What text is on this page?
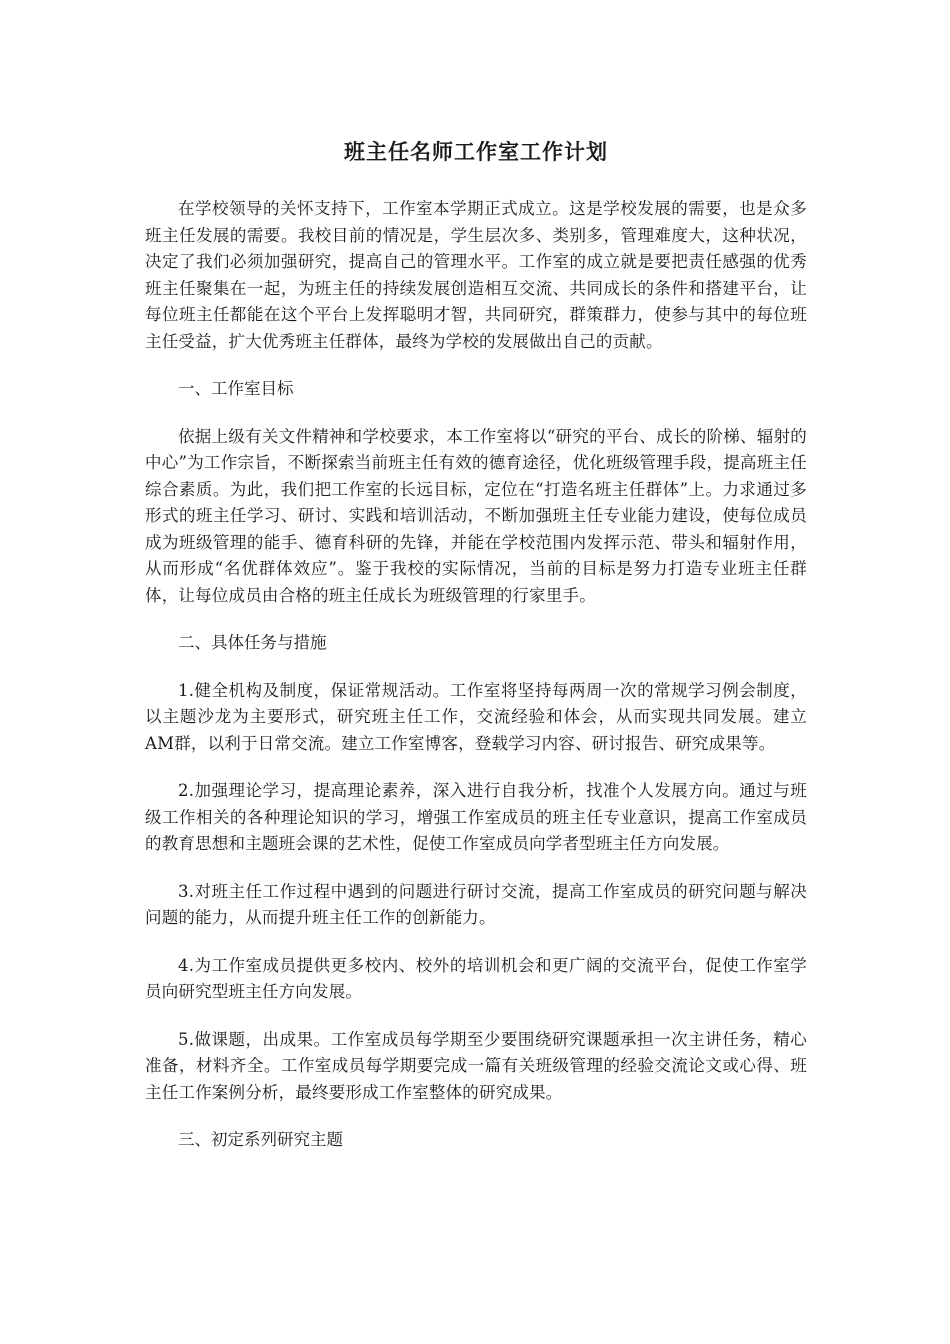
班主任名师工作室工作计划

在学校领导的关怀支持下，工作室本学期正式成立。这是学校发展的需要，也是众多班主任发展的需要。我校目前的情况是，学生层次多、类别多，管理难度大，这种状况，决定了我们必须加强研究，提高自己的管理水平。工作室的成立就是要把责任感强的优秀班主任聚集在一起，为班主任的持续发展创造相互交流、共同成长的条件和搭建平台，让每位班主任都能在这个平台上发挥聪明才智，共同研究，群策群力，使参与其中的每位班主任受益，扩大优秀班主任群体，最终为学校的发展做出自己的贡献。

一、工作室目标

依据上级有关文件精神和学校要求，本工作室将以“研究的平台、成长的阶梯、辐射的中心”为工作宗旨，不断探索当前班主任有效的德育途径，优化班级管理手段，提高班主任综合素质。为此，我们把工作室的长远目标，定位在“打造名班主任群体”上。力求通过多形式的班主任学习、研讨、实践和培训活动，不断加强班主任专业能力建设，使每位成员成为班级管理的能手、德育科研的先锋，并能在学校范围内发挥示范、带头和辐射作用，从而形成“名优群体效应”。鉴于我校的实际情况，当前的目标是努力打造专业班主任群体，让每位成员由合格的班主任成长为班级管理的行家里手。

二、具体任务与措施

1.健全机构及制度，保证常规活动。工作室将坚持每两周一次的常规学习例会制度，以主题沙龙为主要形式，研究班主任工作，交流经验和体会，从而实现共同发展。建立AM群，以利于日常交流。建立工作室博客，登载学习内容、研讨报告、研究成果等。

2.加强理论学习，提高理论素养，深入进行自我分析，找准个人发展方向。通过与班级工作相关的各种理论知识的学习，增强工作室成员的班主任专业意识，提高工作室成员的教育思想和主题班会课的艺术性，促使工作室成员向学者型班主任方向发展。

3.对班主任工作过程中遇到的问题进行研讨交流，提高工作室成员的研究问题与解决问题的能力，从而提升班主任工作的创新能力。

4.为工作室成员提供更多校内、校外的培训机会和更广阔的交流平台，促使工作室学员向研究型班主任方向发展。

5.做课题，出成果。工作室成员每学期至少要围绕研究课题承担一次主讲任务，精心准备，材料齐全。工作室成员每学期要完成一篇有关班级管理的经验交流论文或心得、班主任工作案例分析，最终要形成工作室整体的研究成果。

三、初定系列研究主题
